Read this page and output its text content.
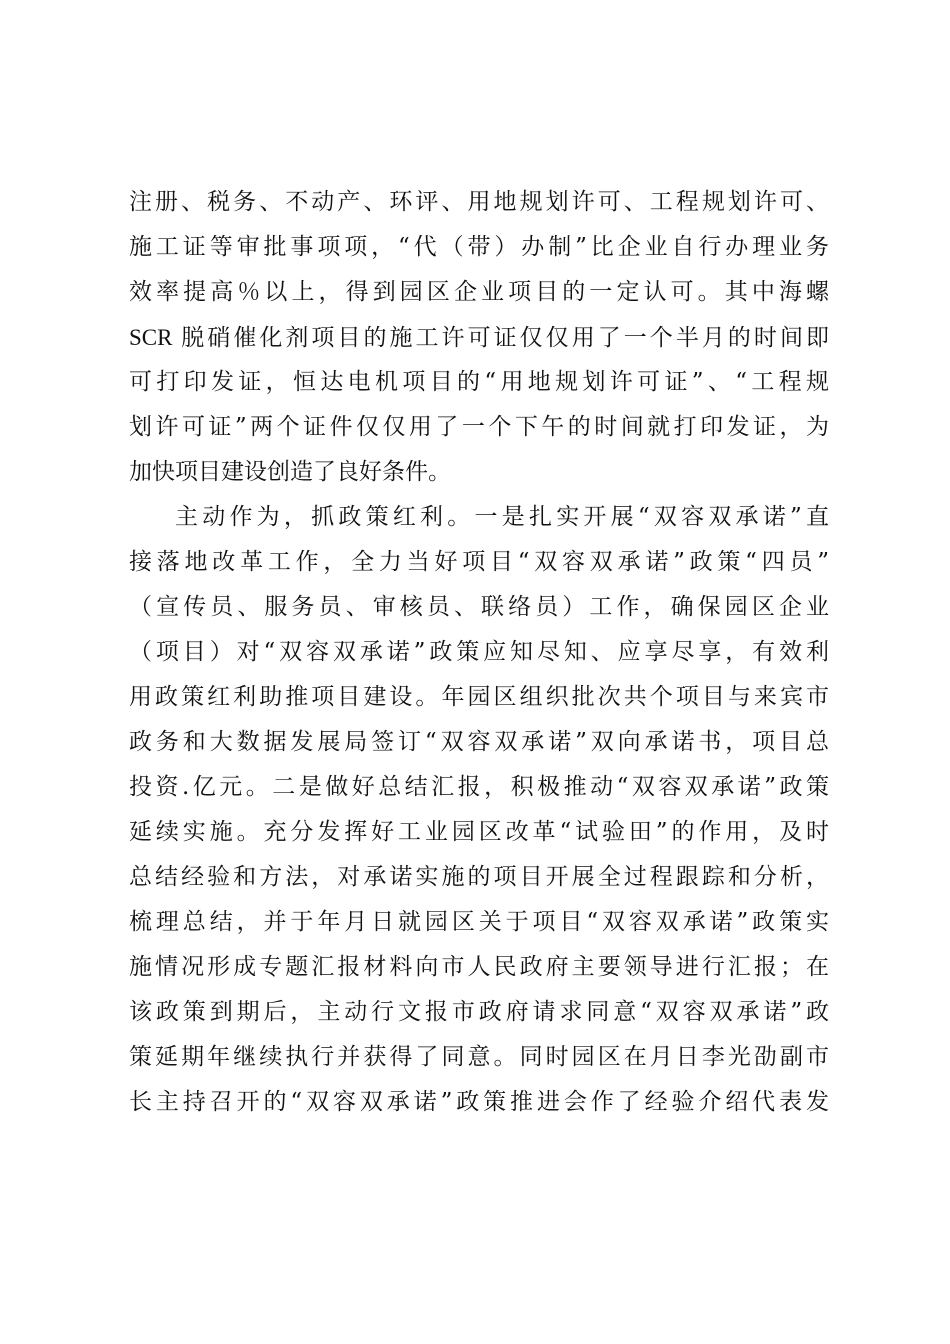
注册、税务、不动产、环评、用地规划许可、工程规划许可、
施工证等审批事项项，“代（带）办制”比企业自行办理业务
效率提高％以上，得到园区企业项目的一定认可。其中海螺
SCR 脱硝催化剂项目的施工许可证仅仅用了一个半月的时间即
可打印发证，恒达电机项目的“用地规划许可证”、“工程规
划许可证”两个证件仅仅用了一个下午的时间就打印发证，为
加快项目建设创造了良好条件。
主动作为，抓政策红利。一是扎实开展“双容双承诺”直
接落地改革工作，全力当好项目“双容双承诺”政策“四员”
（宣传员、服务员、审核员、联络员）工作，确保园区企业
（项目）对“双容双承诺”政策应知尽知、应享尽享，有效利
用政策红利助推项目建设。年园区组织批次共个项目与来宾市
政务和大数据发展局签订“双容双承诺”双向承诺书，项目总
投资.亿元。二是做好总结汇报，积极推动“双容双承诺”政策
延续实施。充分发挥好工业园区改革“试验田”的作用，及时
总结经验和方法，对承诺实施的项目开展全过程跟踪和分析，
梳理总结，并于年月日就园区关于项目“双容双承诺”政策实
施情况形成专题汇报材料向市人民政府主要领导进行汇报；在
该政策到期后，主动行文报市政府请求同意“双容双承诺”政
策延期年继续执行并获得了同意。同时园区在月日李光劭副市
长主持召开的“双容双承诺”政策推进会作了经验介绍代表发
